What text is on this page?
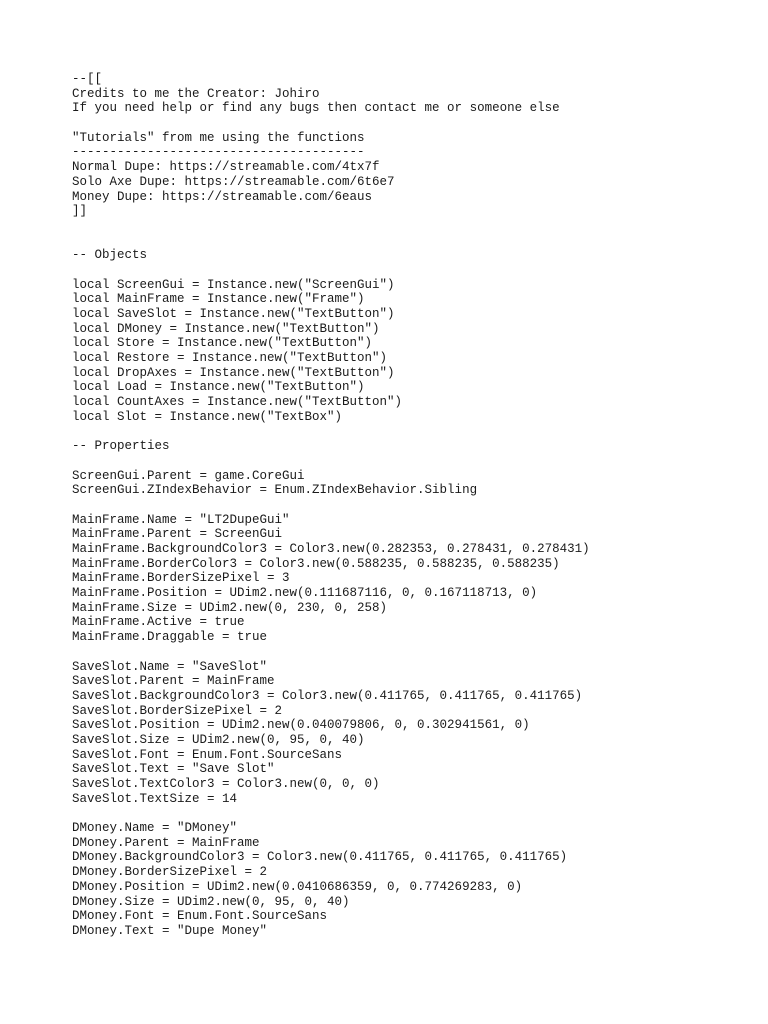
--[[
Credits to me the Creator: Johiro
If you need help or find any bugs then contact me or someone else
"Tutorials" from me using the functions
---------------------------------------
Normal Dupe: https://streamable.com/4tx7f
Solo Axe Dupe: https://streamable.com/6t6e7
Money Dupe: https://streamable.com/6eaus
]]
-- Objects
local ScreenGui = Instance.new("ScreenGui")
local MainFrame = Instance.new("Frame")
local SaveSlot = Instance.new("TextButton")
local DMoney = Instance.new("TextButton")
local Store = Instance.new("TextButton")
local Restore = Instance.new("TextButton")
local DropAxes = Instance.new("TextButton")
local Load = Instance.new("TextButton")
local CountAxes = Instance.new("TextButton")
local Slot = Instance.new("TextBox")
-- Properties
ScreenGui.Parent = game.CoreGui
ScreenGui.ZIndexBehavior = Enum.ZIndexBehavior.Sibling
MainFrame.Name = "LT2DupeGui"
MainFrame.Parent = ScreenGui
MainFrame.BackgroundColor3 = Color3.new(0.282353, 0.278431, 0.278431)
MainFrame.BorderColor3 = Color3.new(0.588235, 0.588235, 0.588235)
MainFrame.BorderSizePixel = 3
MainFrame.Position = UDim2.new(0.111687116, 0, 0.167118713, 0)
MainFrame.Size = UDim2.new(0, 230, 0, 258)
MainFrame.Active = true
MainFrame.Draggable = true
SaveSlot.Name = "SaveSlot"
SaveSlot.Parent = MainFrame
SaveSlot.BackgroundColor3 = Color3.new(0.411765, 0.411765, 0.411765)
SaveSlot.BorderSizePixel = 2
SaveSlot.Position = UDim2.new(0.040079806, 0, 0.302941561, 0)
SaveSlot.Size = UDim2.new(0, 95, 0, 40)
SaveSlot.Font = Enum.Font.SourceSans
SaveSlot.Text = "Save Slot"
SaveSlot.TextColor3 = Color3.new(0, 0, 0)
SaveSlot.TextSize = 14
DMoney.Name = "DMoney"
DMoney.Parent = MainFrame
DMoney.BackgroundColor3 = Color3.new(0.411765, 0.411765, 0.411765)
DMoney.BorderSizePixel = 2
DMoney.Position = UDim2.new(0.0410686359, 0, 0.774269283, 0)
DMoney.Size = UDim2.new(0, 95, 0, 40)
DMoney.Font = Enum.Font.SourceSans
DMoney.Text = "Dupe Money"
